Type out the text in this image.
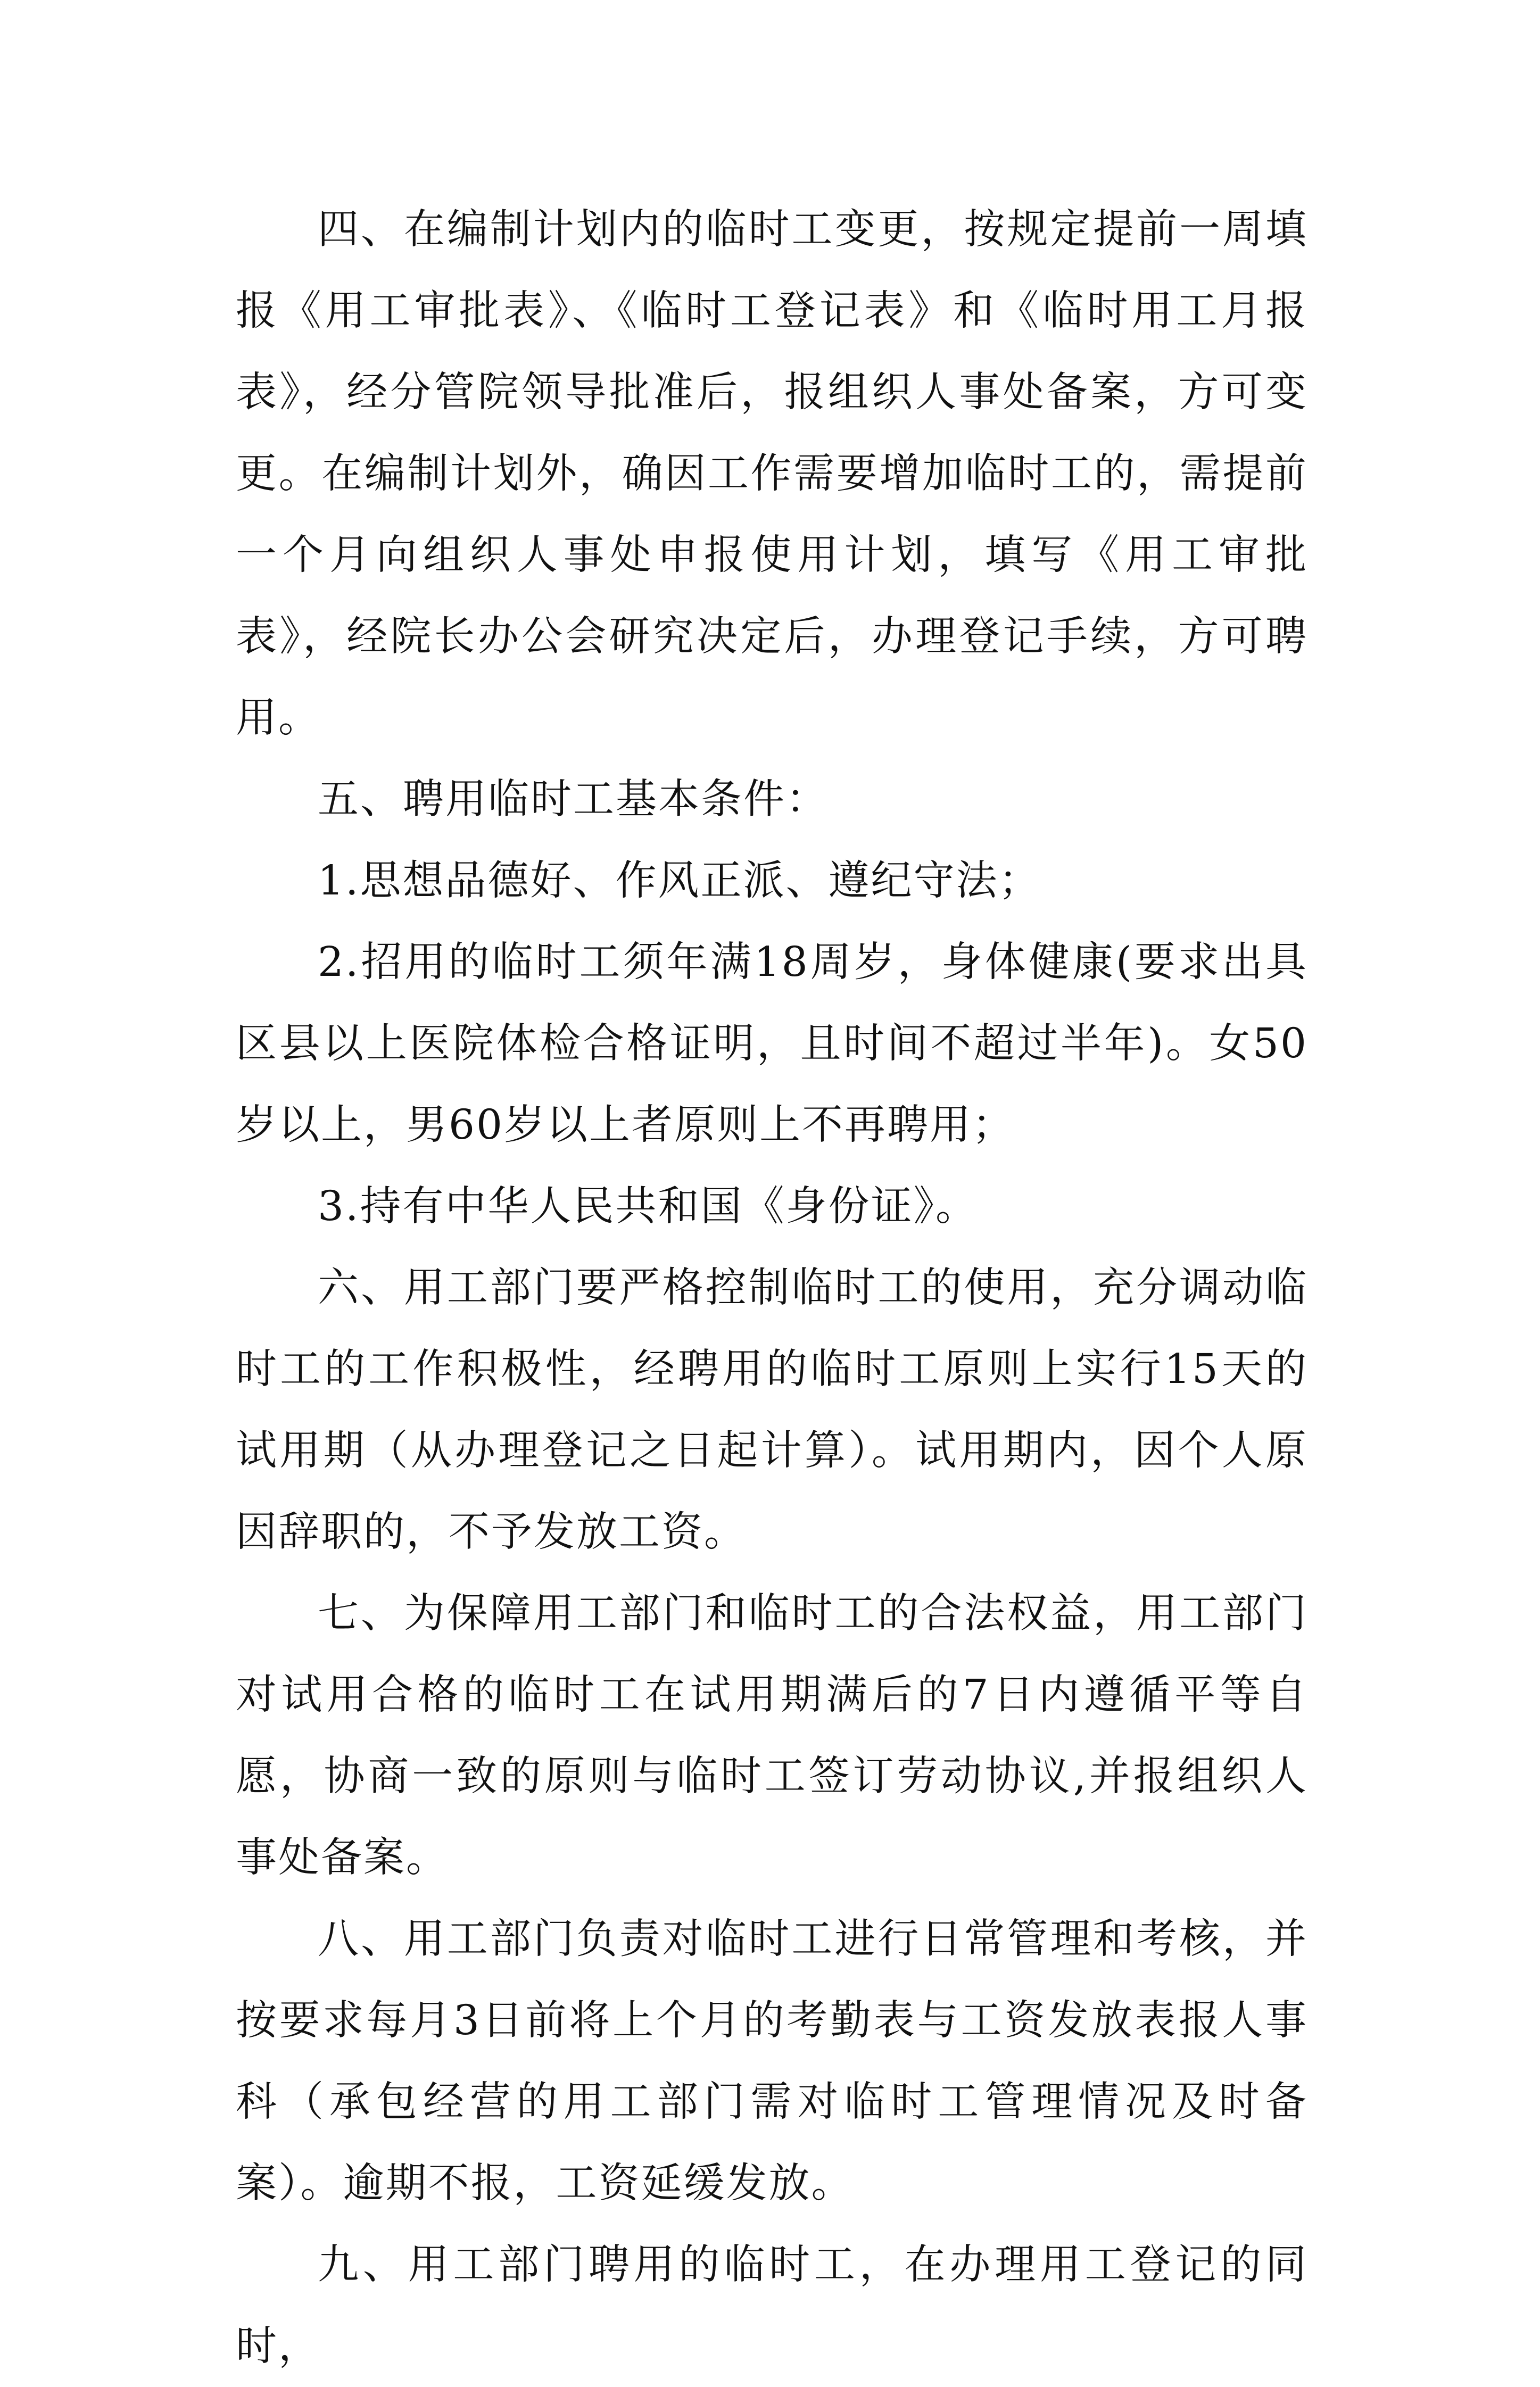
四、在编制计划内的临时工变更，按规定提前一周填报《用工审批表》、《临时工登记表》和《临时用工月报表》，经分管院领导批准后，报组织人事处备案，方可变更。在编制计划外，确因工作需要增加临时工的，需提前一个月向组织人事处申报使用计划，填写《用工审批表》，经院长办公会研究决定后，办理登记手续，方可聘用。

五、聘用临时工基本条件：

1.思想品德好、作风正派、遵纪守法；

2.招用的临时工须年满18周岁，身体健康(要求出具区县以上医院体检合格证明，且时间不超过半年)。女50岁以上，男60岁以上者原则上不再聘用；

3.持有中华人民共和国《身份证》。

六、用工部门要严格控制临时工的使用，充分调动临时工的工作积极性，经聘用的临时工原则上实行15天的试用期（从办理登记之日起计算）。试用期内，因个人原因辞职的，不予发放工资。

七、为保障用工部门和临时工的合法权益，用工部门对试用合格的临时工在试用期满后的7日内遵循平等自愿，协商一致的原则与临时工签订劳动协议,并报组织人事处备案。

八、用工部门负责对临时工进行日常管理和考核，并按要求每月3日前将上个月的考勤表与工资发放表报人事科（承包经营的用工部门需对临时工管理情况及时备案）。逾期不报，工资延缓发放。

九、用工部门聘用的临时工，在办理用工登记的同时，
